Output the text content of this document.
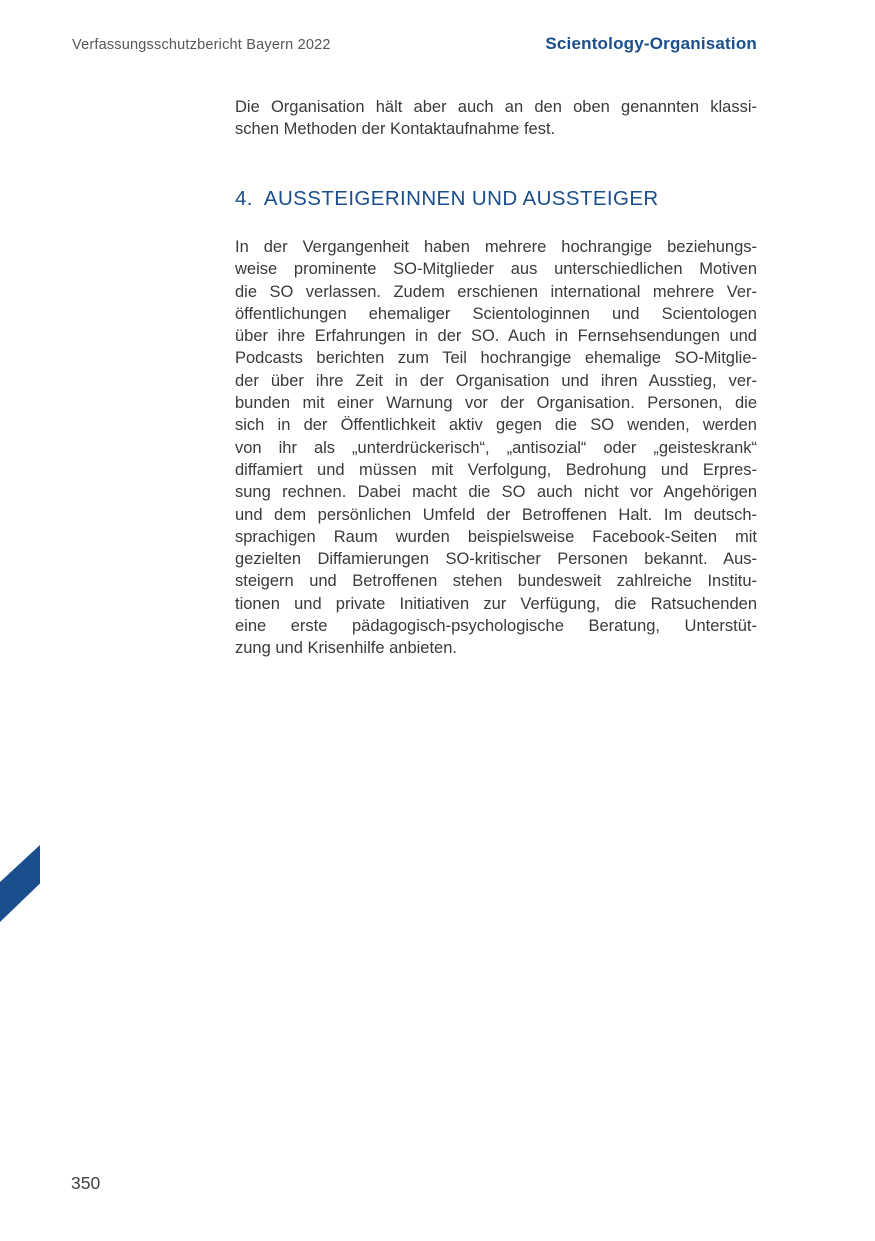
Verfassungsschutzbericht Bayern 2022	Scientology-Organisation
Die Organisation hält aber auch an den oben genannten klassi-
schen Methoden der Kontaktaufnahme fest.
4. AUSSTEIGERINNEN UND AUSSTEIGER
In der Vergangenheit haben mehrere hochrangige beziehungs-
weise prominente SO-Mitglieder aus unterschiedlichen Motiven
die SO verlassen. Zudem erschienen international mehrere Ver-
öffentlichungen ehemaliger Scientologinnen und Scientologen
über ihre Erfahrungen in der SO. Auch in Fernsehsendungen und
Podcasts berichten zum Teil hochrangige ehemalige SO-Mitglie-
der über ihre Zeit in der Organisation und ihren Ausstieg, ver-
bunden mit einer Warnung vor der Organisation. Personen, die
sich in der Öffentlichkeit aktiv gegen die SO wenden, werden
von ihr als „unterdrückerisch“, „antisozial“ oder „geisteskrank“
diffamiert und müssen mit Verfolgung, Bedrohung und Erpres-
sung rechnen. Dabei macht die SO auch nicht vor Angehörigen
und dem persönlichen Umfeld der Betroffenen Halt. Im deutsch-
sprachigen Raum wurden beispielsweise Facebook-Seiten mit
gezielten Diffamierungen SO-kritischer Personen bekannt. Aus-
steigern und Betroffenen stehen bundesweit zahlreiche Institu-
tionen und private Initiativen zur Verfügung, die Ratsuchenden
eine erste pädagogisch-psychologische Beratung, Unterstüt-
zung und Krisenhilfe anbieten.
350
